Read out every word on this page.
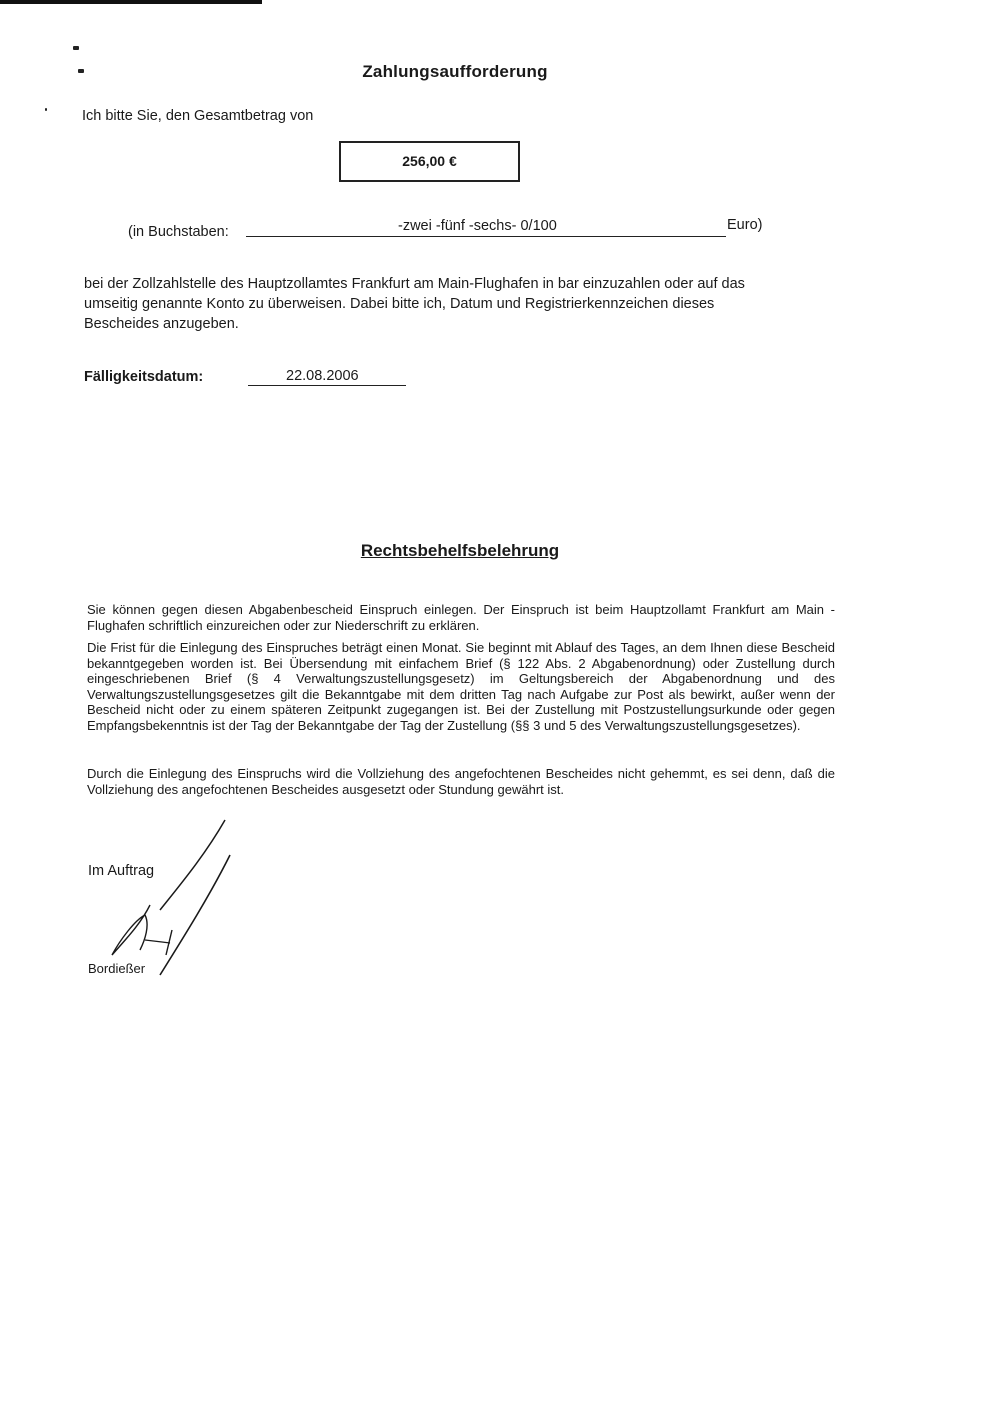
Zahlungsaufforderung
Ich bitte Sie, den Gesamtbetrag von
256,00 €
(in Buchstaben:	-zwei -fünf -sechs- 0/100	Euro)
bei der Zollzahlstelle des Hauptzollamtes Frankfurt am Main-Flughafen in bar einzuzahlen oder auf das
umseitig genannte Konto zu überweisen. Dabei bitte ich, Datum und Registrierkennzeichen dieses
Bescheides anzugeben.
Fälligkeitsdatum:	22.08.2006
Rechtsbehelfsbelehrung

Sie können gegen diesen Abgabenbescheid Einspruch einlegen. Der Einspruch ist beim Hauptzollamt Frankfurt am Main - Flughafen schriftlich einzureichen oder zur Niederschrift zu erklären.

Die Frist für die Einlegung des Einspruches beträgt einen Monat. Sie beginnt mit Ablauf des Tages, an dem Ihnen diese Bescheid bekanntgegeben worden ist. Bei Übersendung mit einfachem Brief (§ 122 Abs. 2 Abgabenordnung) oder Zustellung durch eingeschriebenen Brief (§ 4 Verwaltungszustellungsgesetz) im Geltungsbereich der Abgabenordnung und des Verwaltungszustellungsgesetzes gilt die Bekanntgabe mit dem dritten Tag nach Aufgabe zur Post als bewirkt, außer wenn der Bescheid nicht oder zu einem späteren Zeitpunkt zugegangen ist. Bei der Zustellung mit Postzustellungsurkunde oder gegen Empfangsbekenntnis ist der Tag der Bekanntgabe der Tag der Zustellung (§§ 3 und 5 des Verwaltungszustellungsgesetzes).

Durch die Einlegung des Einspruchs wird die Vollziehung des angefochtenen Bescheides nicht gehemmt, es sei denn, daß die Vollziehung des angefochtenen Bescheides ausgesetzt oder Stundung gewährt ist.

Im Auftrag
Bordießer
